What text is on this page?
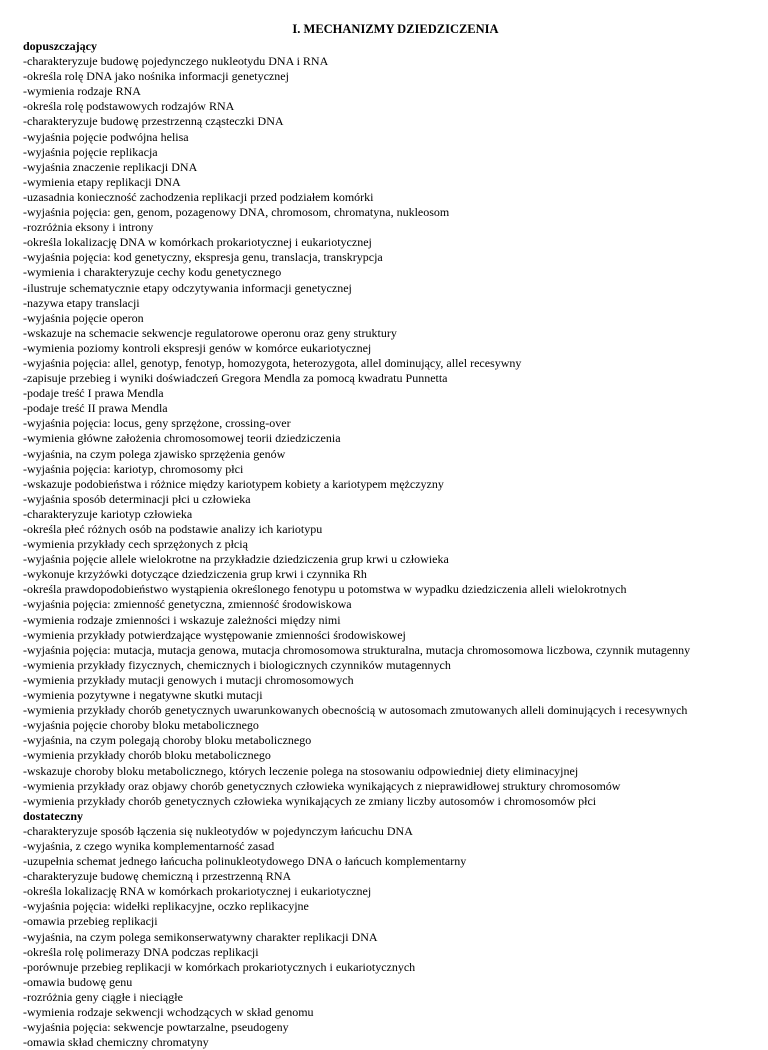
I. MECHANIZMY DZIEDZICZENIA
dopuszczający
-charakteryzuje budowę pojedynczego nukleotydu DNA i RNA
-określa rolę DNA jako nośnika informacji genetycznej
-wymienia rodzaje RNA
-określa rolę podstawowych rodzajów RNA
-charakteryzuje budowę przestrzenną cząsteczki DNA
-wyjaśnia pojęcie podwójna helisa
-wyjaśnia pojęcie replikacja
-wyjaśnia znaczenie replikacji DNA
-wymienia etapy replikacji DNA
-uzasadnia konieczność zachodzenia replikacji przed podziałem komórki
-wyjaśnia pojęcia: gen, genom, pozagenowy DNA, chromosom, chromatyna, nukleosom
-rozróżnia eksony i introny
-określa lokalizację DNA w komórkach prokariotycznej i eukariotycznej
-wyjaśnia pojęcia: kod genetyczny, ekspresja genu, translacja, transkrypcja
-wymienia i charakteryzuje cechy kodu genetycznego
-ilustruje schematycznie etapy odczytywania informacji genetycznej
-nazywa etapy translacji
-wyjaśnia pojęcie operon
-wskazuje na schemacie sekwencje regulatorowe operonu oraz geny struktury
-wymienia poziomy kontroli ekspresji genów w komórce eukariotycznej
-wyjaśnia pojęcia: allel, genotyp, fenotyp, homozygota, heterozygota, allel dominujący, allel recesywny
-zapisuje przebieg i wyniki doświadczeń Gregora Mendla za pomocą kwadratu Punnetta
-podaje treść I prawa Mendla
-podaje treść II prawa Mendla
-wyjaśnia pojęcia: locus, geny sprzężone, crossing-over
-wymienia główne założenia chromosomowej teorii dziedziczenia
-wyjaśnia, na czym polega zjawisko sprzężenia genów
-wyjaśnia pojęcia: kariotyp, chromosomy płci
-wskazuje podobieństwa i różnice między kariotypem kobiety a kariotypem mężczyzny
-wyjaśnia sposób determinacji płci u człowieka
-charakteryzuje kariotyp człowieka
-określa płeć różnych osób na podstawie analizy ich kariotypu
-wymienia przykłady cech sprzężonych z płcią
-wyjaśnia pojęcie allele wielokrotne na przykładzie dziedziczenia grup krwi u człowieka
-wykonuje krzyżówki dotyczące dziedziczenia grup krwi i czynnika Rh
-określa prawdopodobieństwo wystąpienia określonego fenotypu u potomstwa w wypadku dziedziczenia alleli wielokrotnych
-wyjaśnia pojęcia: zmienność genetyczna, zmienność środowiskowa
-wymienia rodzaje zmienności i wskazuje zależności między nimi
-wymienia przykłady potwierdzające występowanie zmienności środowiskowej
-wyjaśnia pojęcia: mutacja, mutacja genowa, mutacja chromosomowa strukturalna, mutacja chromosomowa liczbowa, czynnik mutagenny
-wymienia przykłady fizycznych, chemicznych i biologicznych czynników mutagennych
-wymienia przykłady mutacji genowych i mutacji chromosomowych
-wymienia pozytywne i negatywne skutki mutacji
-wymienia przykłady chorób genetycznych uwarunkowanych obecnością w autosomach zmutowanych alleli dominujących i recesywnych
-wyjaśnia pojęcie choroby bloku metabolicznego
-wyjaśnia, na czym polegają choroby bloku metabolicznego
-wymienia przykłady chorób bloku metabolicznego
-wskazuje choroby bloku metabolicznego, których leczenie polega na stosowaniu odpowiedniej diety eliminacyjnej
-wymienia przykłady oraz objawy chorób genetycznych człowieka wynikających z nieprawidłowej struktury chromosomów
-wymienia przykłady chorób genetycznych człowieka wynikających ze zmiany liczby autosomów i chromosomów płci
dostateczny
-charakteryzuje sposób łączenia się nukleotydów w pojedynczym łańcuchu DNA
-wyjaśnia, z czego wynika komplementarność zasad
-uzupełnia schemat jednego łańcucha polinukleotydowego DNA o łańcuch komplementarny
-charakteryzuje budowę chemiczną i przestrzenną RNA
-określa lokalizację RNA w komórkach prokariotycznej i eukariotycznej
-wyjaśnia pojęcia: widełki replikacyjne, oczko replikacyjne
-omawia przebieg replikacji
-wyjaśnia, na czym polega semikonserwatywny charakter replikacji DNA
-określa rolę polimerazy DNA podczas replikacji
-porównuje przebieg replikacji w komórkach prokariotycznych i eukariotycznych
-omawia budowę genu
-rozróżnia geny ciągłe i nieciągłe
-wymienia rodzaje sekwencji wchodzących w skład genomu
-wyjaśnia pojęcia: sekwencje powtarzalne, pseudogeny
-omawia skład chemiczny chromatyny
